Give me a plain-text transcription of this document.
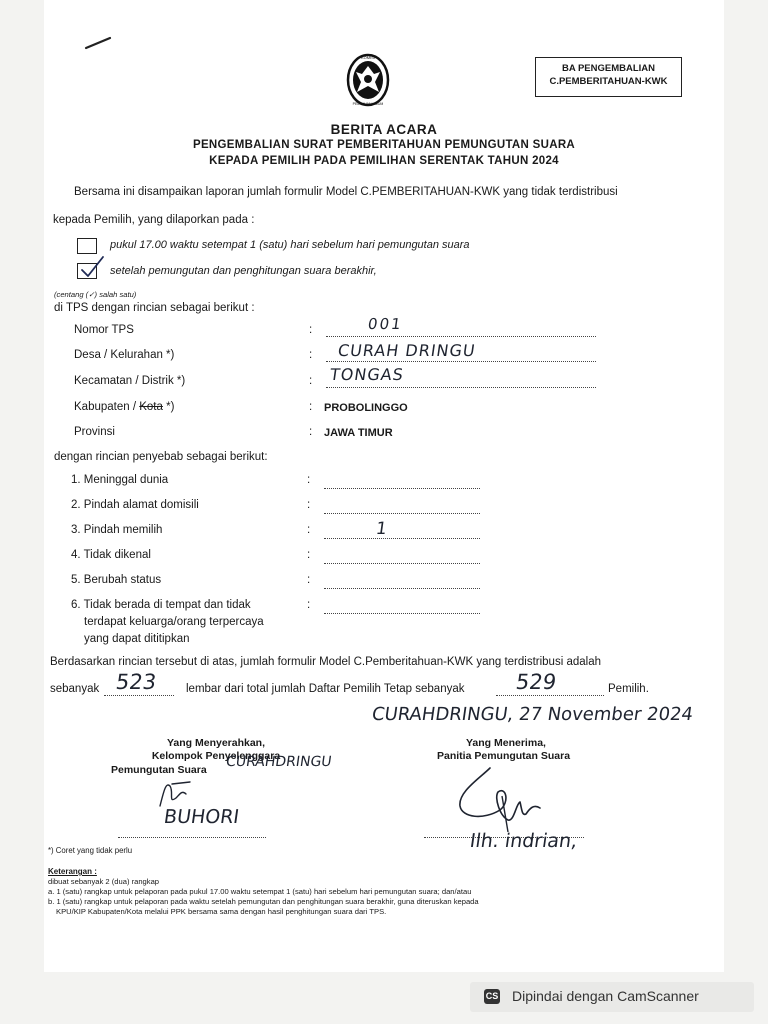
KOMISI
PEMILIHAN UMUM
BA PENGEMBALIAN
C.PEMBERITAHUAN-KWK
BERITA ACARA
PENGEMBALIAN SURAT PEMBERITAHUAN PEMUNGUTAN SUARA
KEPADA PEMILIH PADA PEMILIHAN SERENTAK TAHUN 2024
Bersama ini disampaikan laporan jumlah formulir Model C.PEMBERITAHUAN-KWK yang tidak terdistribusi
kepada Pemilih, yang dilaporkan pada :
pukul 17.00 waktu setempat 1 (satu) hari sebelum hari pemungutan suara
setelah pemungutan dan penghitungan suara berakhir,
(centang (✓) salah satu)
di TPS dengan rincian sebagai berikut :
Nomor TPS	:	001
Desa / Kelurahan *)	: CURAH DRINGU
Kecamatan / Distrik *)	: TONGAS
Kabupaten / Kota *)	: PROBOLINGGO
Provinsi	: JAWA TIMUR
dengan rincian penyebab sebagai berikut:
1. Meninggal dunia	:
2. Pindah alamat domisili	:
3. Pindah memilih	:	1
4. Tidak dikenal	:
5. Berubah status	:
6. Tidak berada di tempat dan tidak
terdapat keluarga/orang terpercaya
yang dapat dititipkan
:
Berdasarkan rincian tersebut di atas, jumlah formulir Model C.Pemberitahuan-KWK yang terdistribusi adalah
sebanyak 523 lembar dari total jumlah Daftar Pemilih Tetap sebanyak 529	Pemilih.
CURAHDRINGU, 27 November 2024
Yang Menyerahkan,
Kelompok Penyelenggara
Pemungutan Suara CURAHDRINGU
BUHORI
Yang Menerima,
Panitia Pemungutan Suara
Ilh. indrian,
*) Coret yang tidak perlu
Keterangan :
dibuat sebanyak 2 (dua) rangkap
a. 1 (satu) rangkap untuk pelaporan pada pukul 17.00 waktu setempat 1 (satu) hari sebelum hari pemungutan suara; dan/atau
b. 1 (satu) rangkap untuk pelaporan pada waktu setelah pemungutan dan penghitungan suara berakhir, guna diteruskan kepada
KPU/KIP Kabupaten/Kota melalui PPK bersama sama dengan hasil penghitungan suara dari TPS.
CS Dipindai dengan CamScanner
